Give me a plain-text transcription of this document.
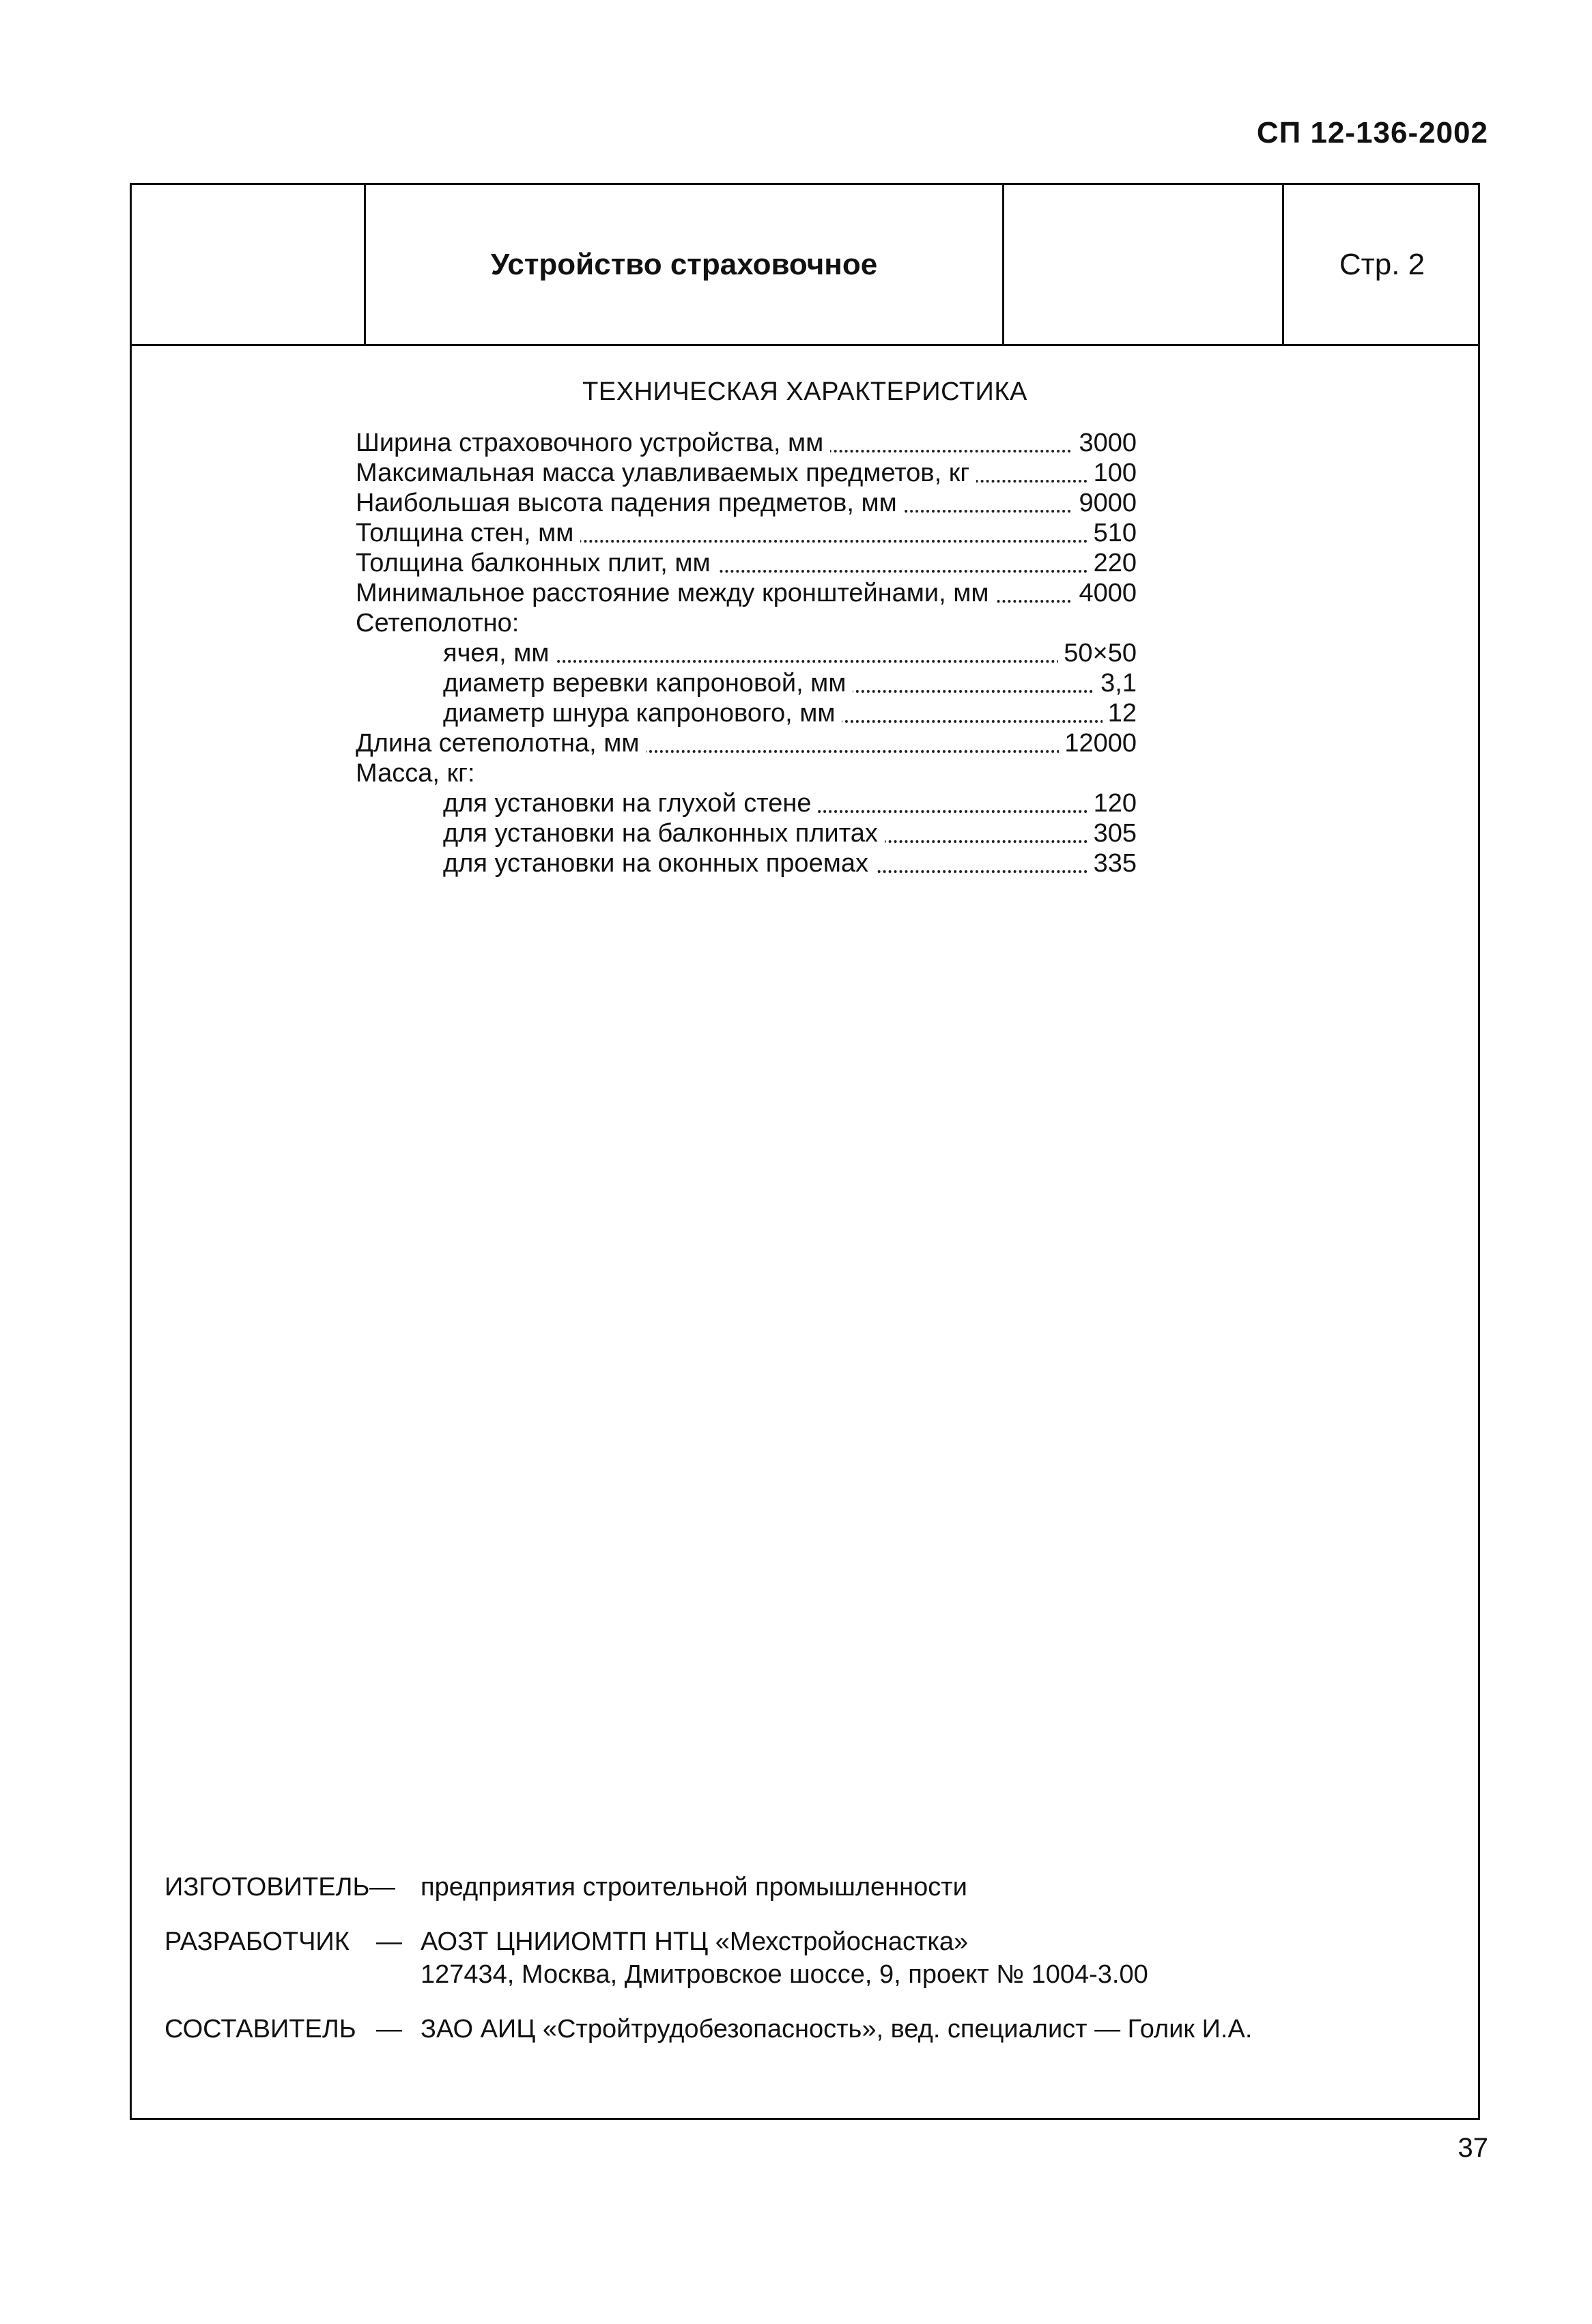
СП 12-136-2002
Устройство страховочное	Стр. 2
ТЕХНИЧЕСКАЯ ХАРАКТЕРИСТИКА
Ширина страховочного устройства, мм	3000
Максимальная масса улавливаемых предметов, кг	100
Наибольшая высота падения предметов, мм	9000
Толщина стен, мм	510
Толщина балконных плит, мм	220
Минимальное расстояние между кронштейнами, мм	4000
Сетеполотно:
ячея, мм	50×50
диаметр веревки капроновой, мм	3,1
диаметр шнура капронового, мм	12
Длина сетеполотна, мм	12000
Масса, кг:
для установки на глухой стене	120
для установки на балконных плитах	305
для установки на оконных проемах	335
ИЗГОТОВИТЕЛЬ — предприятия строительной промышленности
РАЗРАБОТЧИК — АОЗТ ЦНИИОМТП НТЦ «Мехстройоснастка»
127434, Москва, Дмитровское шоссе, 9, проект № 1004-3.00
СОСТАВИТЕЛЬ — ЗАО АИЦ «Стройтрудобезопасность», вед. специалист — Голик И.А.
37
